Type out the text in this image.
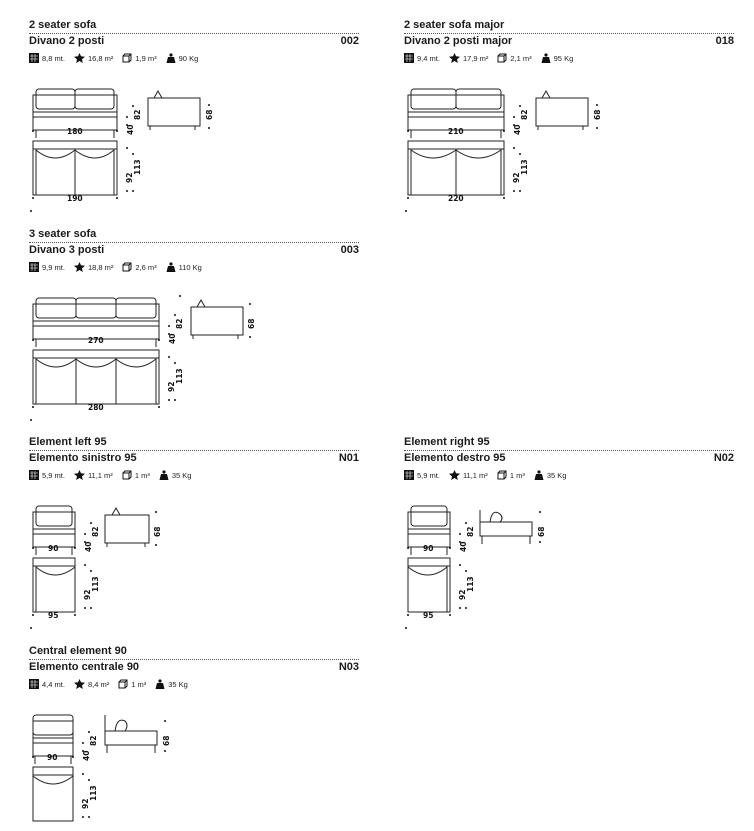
2 seater sofa
Divano 2 posti	002
8,8 mt.	16,8 m²	1,9 m³	90 Kg
180	40
82	68
190
92
113
2 seater sofa major
Divano 2 posti major	018
9,4 mt.	17,9 m²	2,1 m³	95 Kg
210	40
82	68
220
92
113
3 seater sofa
Divano 3 posti	003
9,9 mt.	18,8 m²	2,6 m³	110 Kg
270	40
82	68
280
92
113
Element left 95
Elemento sinistro 95	N01
5,9 mt.	11,1 m²	1 m³	35 Kg
90	40
82	68
95
92
113
Element right 95
Elemento destro 95	N02
5,9 mt.	11,1 m²	1 m³	35 Kg
90	40
82	68
95
92
113
Central element 90
Elemento centrale 90	N03
4,4 mt.	8,4 m²	1 m³	35 Kg
90	40
82	68
92
113
